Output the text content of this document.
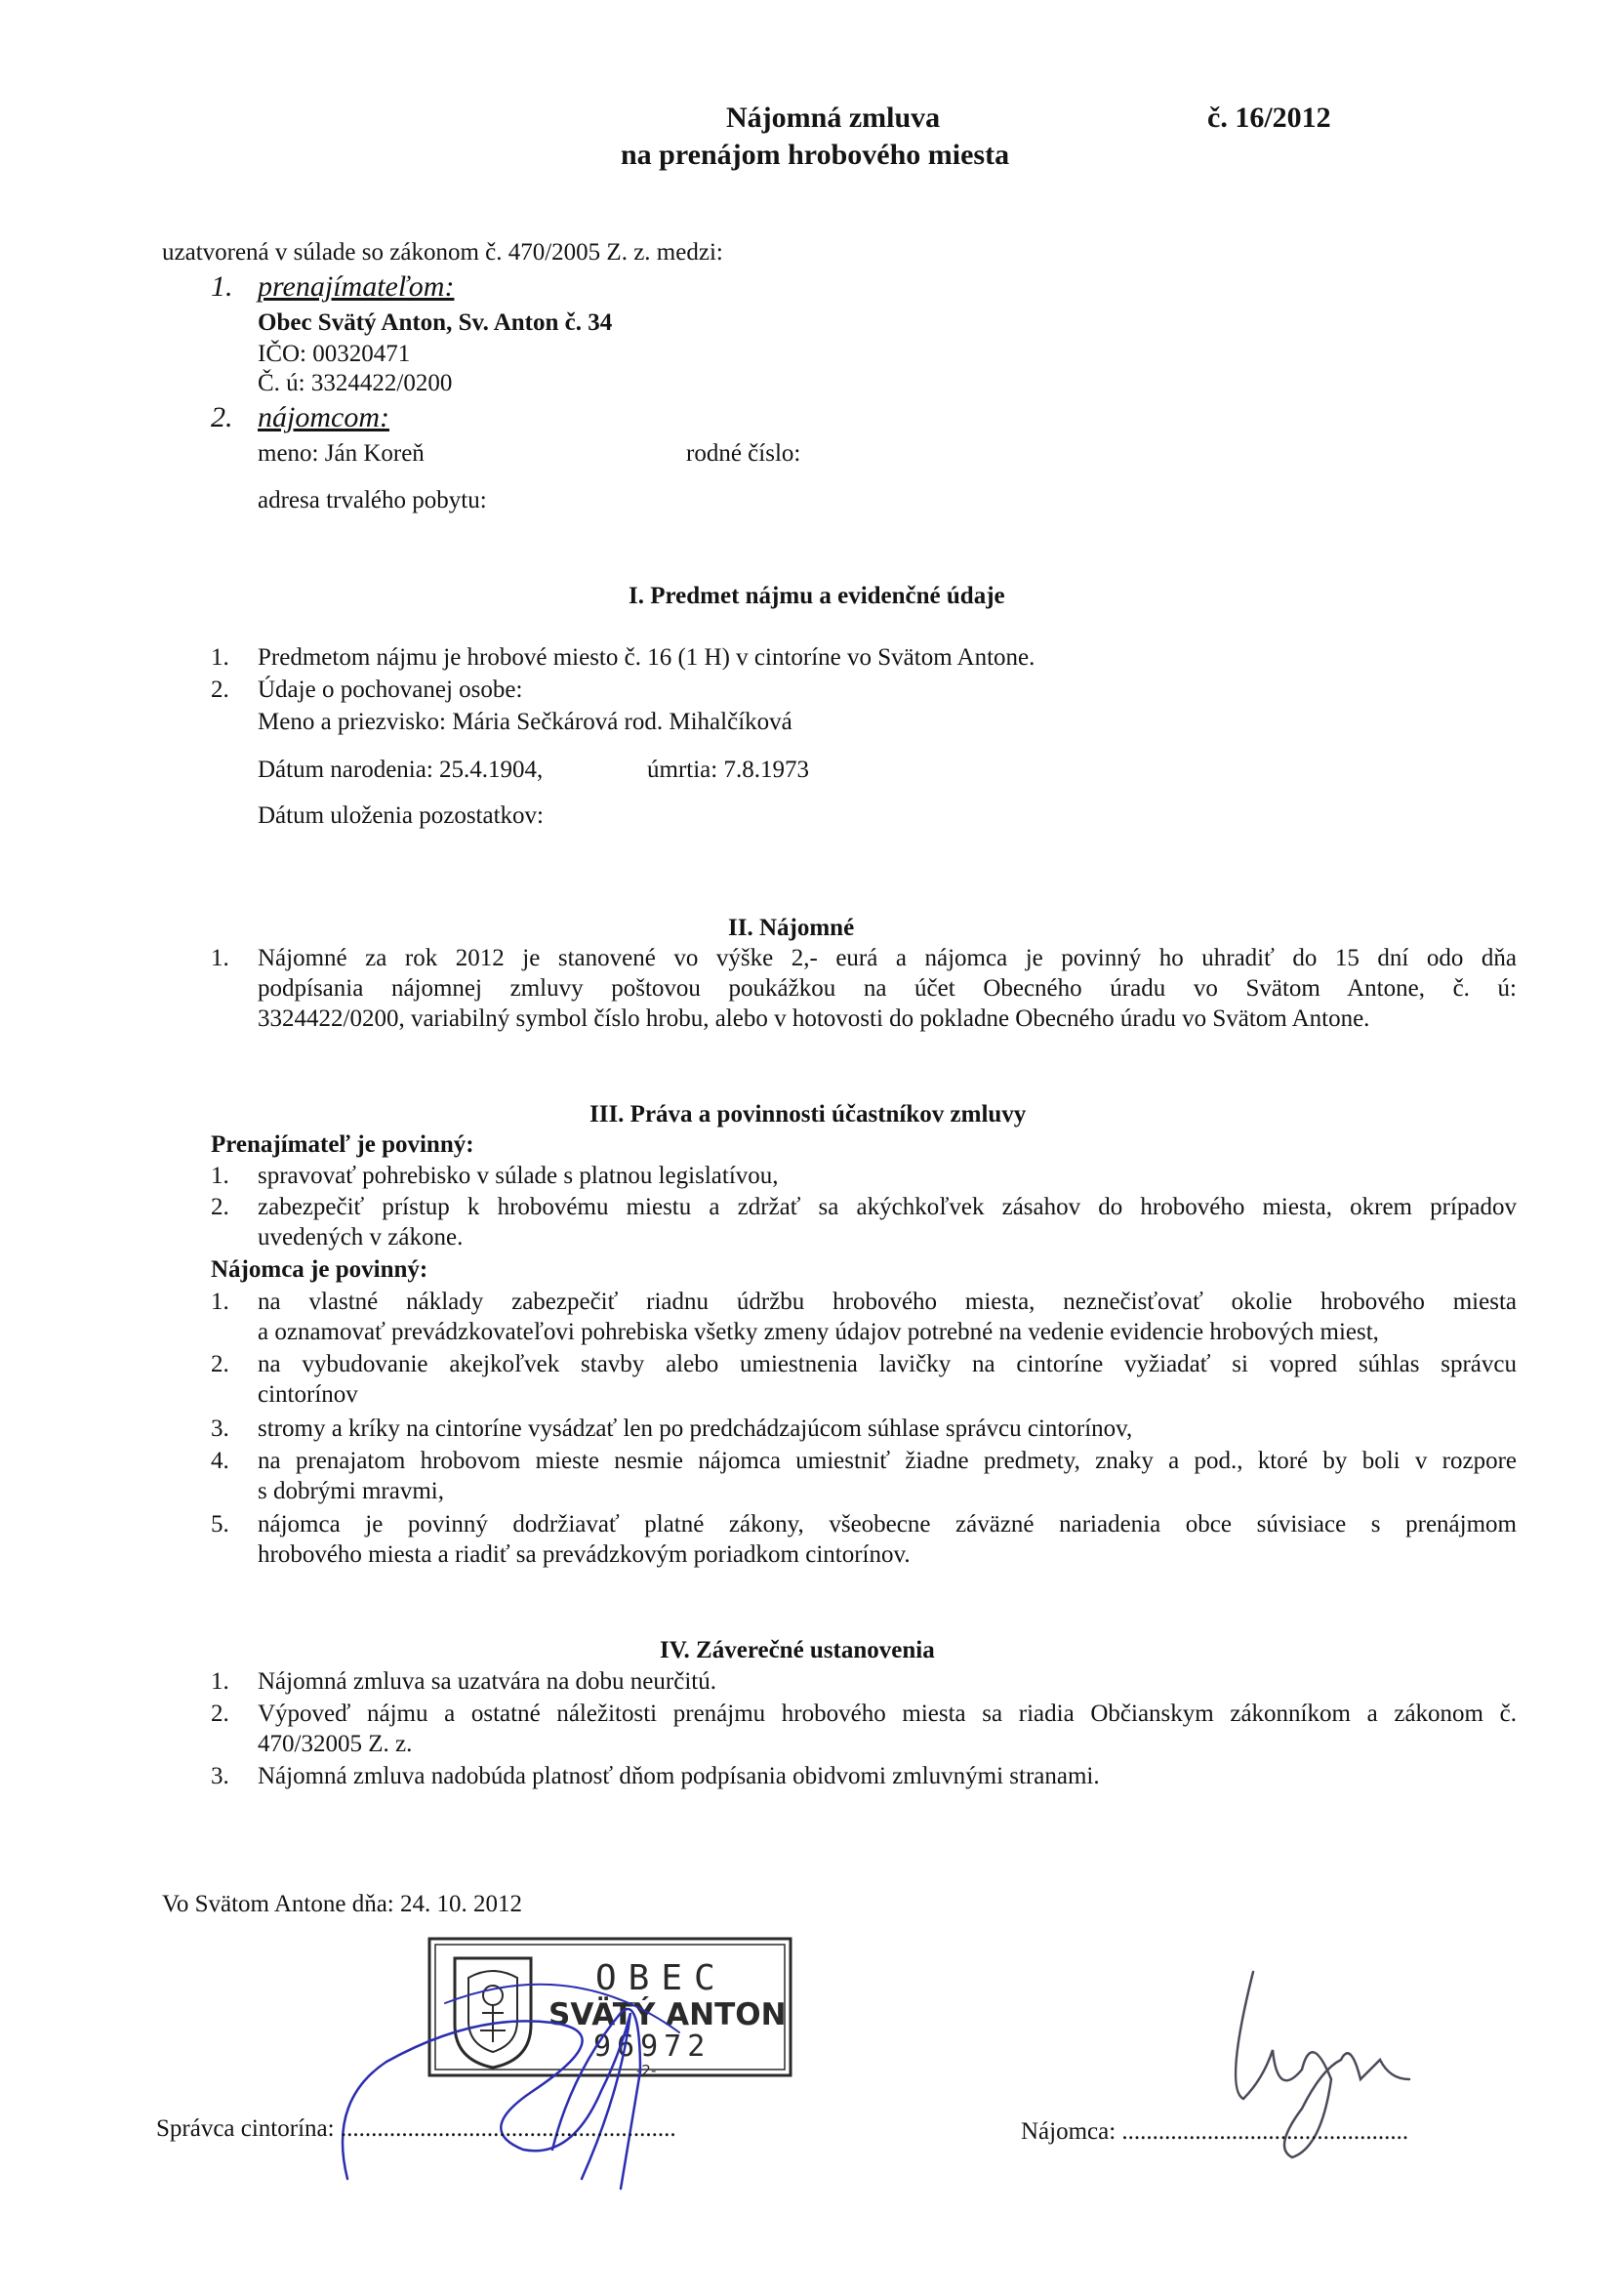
Nájomná zmluva
na prenájom hrobového miesta
č. 16/2012
uzatvorená v súlade so zákonom č. 470/2005 Z. z. medzi:
1. prenajímateľom:
Obec Svätý Anton, Sv. Anton č. 34
IČO: 00320471
Č. ú: 3324422/0200
2. nájomcom:
meno: Ján Koreň	rodné číslo:
adresa trvalého pobytu:
I. Predmet nájmu a evidenčné údaje
1. Predmetom nájmu je hrobové miesto č. 16 (1 H) v cintoríne vo Svätom Antone.
2. Údaje o pochovanej osobe:
Meno a priezvisko: Mária Sečkárová rod. Mihalčíková
Dátum narodenia: 25.4.1904,	úmrtia: 7.8.1973
Dátum uloženia pozostatkov:
II. Nájomné
1. Nájomné za rok 2012 je stanovené vo výške 2,- eurá a nájomca je povinný ho uhradiť do 15 dní odo dňa
podpísania nájomnej zmluvy poštovou poukážkou na účet Obecného úradu vo Svätom Antone, č. ú:
3324422/0200, variabilný symbol číslo hrobu, alebo v hotovosti do pokladne Obecného úradu vo Svätom Antone.
III. Práva a povinnosti účastníkov zmluvy
Prenajímateľ je povinný:
1. spravovať pohrebisko v súlade s platnou legislatívou,
2. zabezpečiť prístup k hrobovému miestu a zdržať sa akýchkoľvek zásahov do hrobového miesta, okrem prípadov
uvedených v zákone.
Nájomca je povinný:
1. na vlastné náklady zabezpečiť riadnu údržbu hrobového miesta, neznečisťovať okolie hrobového miesta
a oznamovať prevádzkovateľovi pohrebiska všetky zmeny údajov potrebné na vedenie evidencie hrobových miest,
2. na vybudovanie akejkoľvek stavby alebo umiestnenia lavičky na cintoríne vyžiadať si vopred súhlas správcu
cintorínov
3. stromy a kríky na cintoríne vysádzať len po predchádzajúcom súhlase správcu cintorínov,
4. na prenajatom hrobovom mieste nesmie nájomca umiestniť žiadne predmety, znaky a pod., ktoré by boli v rozpore
s dobrými mravmi,
5. nájomca je povinný dodržiavať platné zákony, všeobecne záväzné nariadenia obce súvisiace s prenájmom
hrobového miesta a riadiť sa prevádzkovým poriadkom cintorínov.
IV. Záverečné ustanovenia
1. Nájomná zmluva sa uzatvára na dobu neurčitú.
2. Výpoveď nájmu a ostatné náležitosti prenájmu hrobového miesta sa riadia Občianskym zákonníkom a zákonom č.
470/32005 Z. z.
3. Nájomná zmluva nadobúda platnosť dňom podpísania obidvomi zmluvnými stranami.
Vo Svätom Antone dňa: 24. 10. 2012
OBEC
SVÄTÝ ANTON
96972
-2-
Správca cintorína: .......................................................	Nájomca: ...............................................
